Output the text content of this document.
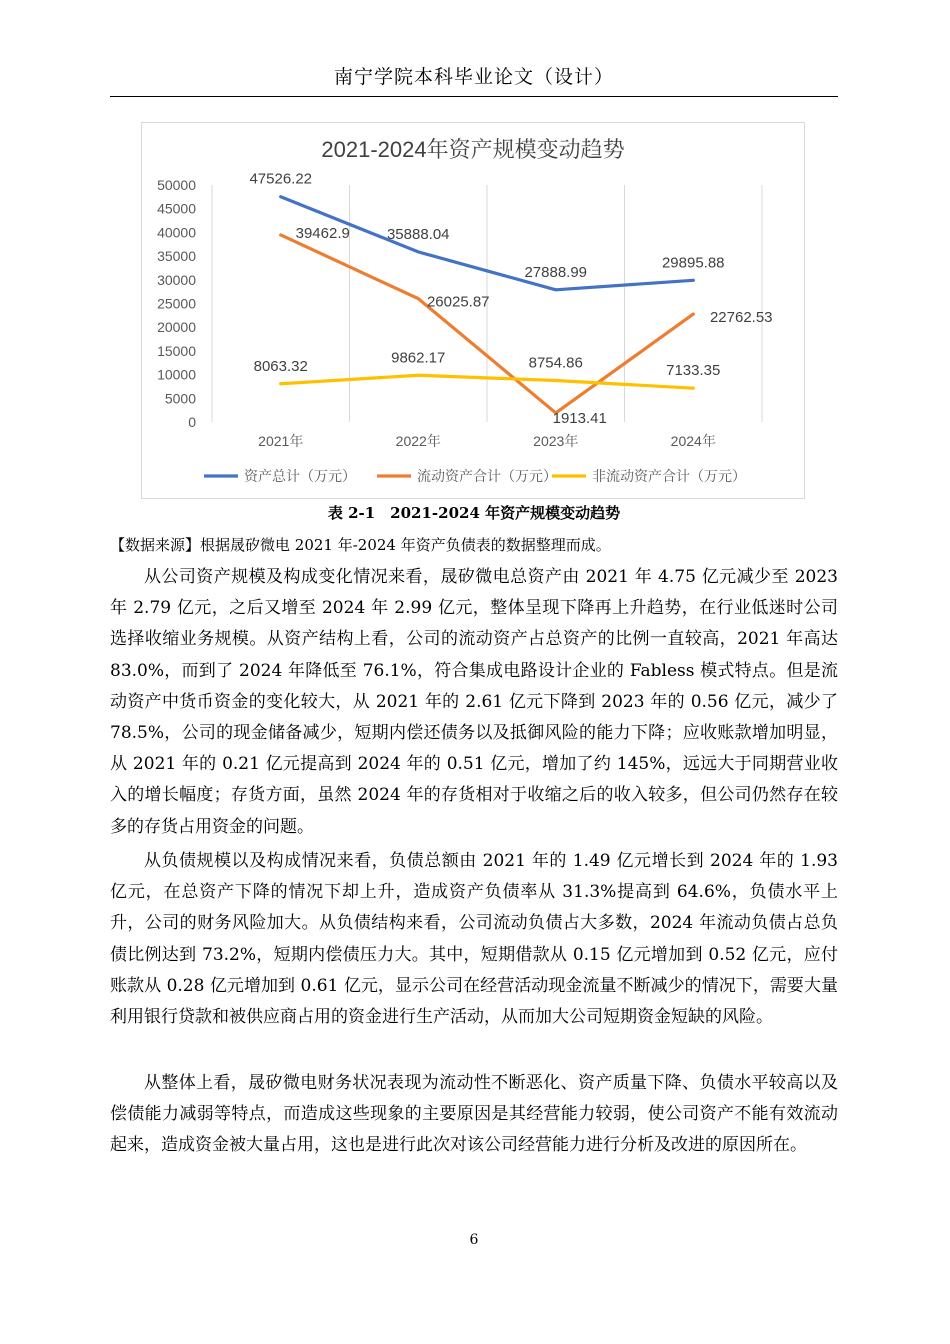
南宁学院本科毕业论文（设计）
2021-2024年资产规模变动趋势
0
5000
10000
15000
20000
25000
30000
35000
40000
45000
50000
2021年	2022年	2023年	2024年
47526.22
35888.04
27888.99
29895.88
39462.9
26025.87
1913.41
22762.53
8063.32
9862.17	8754.86	7133.35
资产总计（万元）	流动资产合计（万元）	非流动资产合计（万元）
表 2-1　2021-2024 年资产规模变动趋势
【数据来源】根据晟矽微电 2021 年-2024 年资产负债表的数据整理而成。

从公司资产规模及构成变化情况来看，晟矽微电总资产由 2021 年 4.75 亿元减少至 2023 年 2.79 亿元，之后又增至 2024 年 2.99 亿元，整体呈现下降再上升趋势，在行业低迷时公司选择收缩业务规模。从资产结构上看，公司的流动资产占总资产的比例一直较高，2021 年高达 83.0%，而到了 2024 年降低至 76.1%，符合集成电路设计企业的 Fabless 模式特点。但是流动资产中货币资金的变化较大，从 2021 年的 2.61 亿元下降到 2023 年的 0.56 亿元，减少了 78.5%，公司的现金储备减少，短期内偿还债务以及抵御风险的能力下降；应收账款增加明显，从 2021 年的 0.21 亿元提高到 2024 年的 0.51 亿元，增加了约 145%，远远大于同期营业收入的增长幅度；存货方面，虽然 2024 年的存货相对于收缩之后的收入较多，但公司仍然存在较多的存货占用资金的问题。

从负债规模以及构成情况来看，负债总额由 2021 年的 1.49 亿元增长到 2024 年的 1.93 亿元，在总资产下降的情况下却上升，造成资产负债率从 31.3%提高到 64.6%，负债水平上升，公司的财务风险加大。从负债结构来看，公司流动负债占大多数，2024 年流动负债占总负债比例达到 73.2%，短期内偿债压力大。其中，短期借款从 0.15 亿元增加到 0.52 亿元，应付账款从 0.28 亿元增加到 0.61 亿元，显示公司在经营活动现金流量不断减少的情况下，需要大量利用银行贷款和被供应商占用的资金进行生产活动，从而加大公司短期资金短缺的风险。

从整体上看，晟矽微电财务状况表现为流动性不断恶化、资产质量下降、负债水平较高以及偿债能力减弱等特点，而造成这些现象的主要原因是其经营能力较弱，使公司资产不能有效流动起来，造成资金被大量占用，这也是进行此次对该公司经营能力进行分析及改进的原因所在。

6
